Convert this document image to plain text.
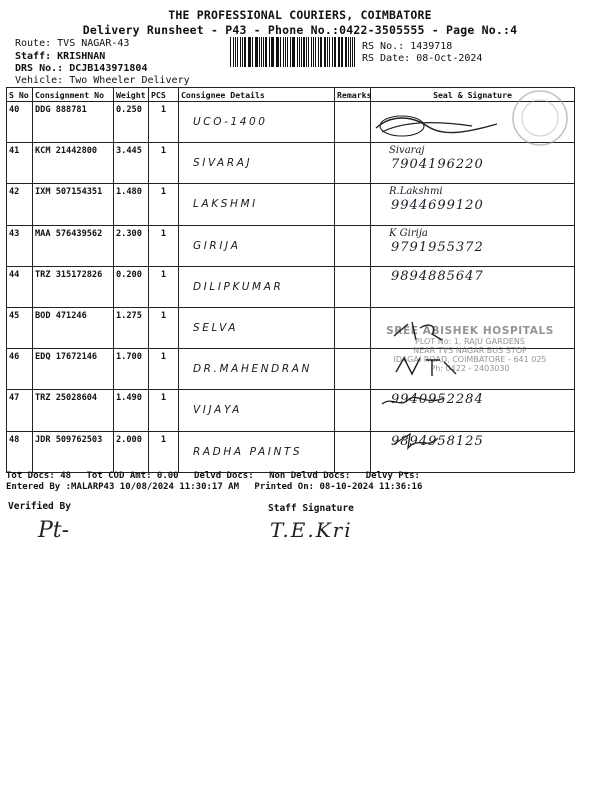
THE PROFESSIONAL COURIERS, COIMBATORE
Delivery Runsheet - P43 - Phone No.:0422-3505555 - Page No.:4
Route: TVS NAGAR-43
Staff: KRISHNAN
DRS No.: DCJB143971804
Vehicle: Two Wheeler Delivery
RS No.: 1439718
RS Date: 08-Oct-2024
S No	Consignment No	Weight	PCS	Consignee Details	Remarks	Seal & Signature
40	DDG 888781	0.250	1	UCO-1400		

41	KCM 21442800	3.445	1	SIVARAJ		Sivaraj
7904196220

42	IXM 507154351	1.480	1	LAKSHMI		R.Lakshmi
9944699120

43	MAA 576439562	2.300	1	GIRIJA		K Girija
9791955372

44	TRZ 315172826	0.200	1	DILIPKUMAR		9894885647

45	BOD 471246	1.275	1	SELVA		

46	EDQ 17672146	1.700	1	DR.MAHENDRAN		

47	TRZ 25028604	1.490	1	VIJAYA		9940952284

48	JDR 509762503	2.000	1	RADHA PAINTS		9894958125
SREE ABISHEK HOSPITALS
PLOT No: 1, RAJU GARDENS
NEAR TVS NAGAR BUS STOP
IDAGAI ROAD, COIMBATORE - 641 025
Ph: 0422 - 2403030
Tot Docs: 48 Tot COD Amt: 0.00 Delvd Docs: Non Delvd Docs: Delvy Pts:
Entered By :MALARP43 10/08/2024 11:30:17 AM Printed On: 08-10-2024 11:36:16
Verified By	Staff Signature
Pt-	T.E.Kri
